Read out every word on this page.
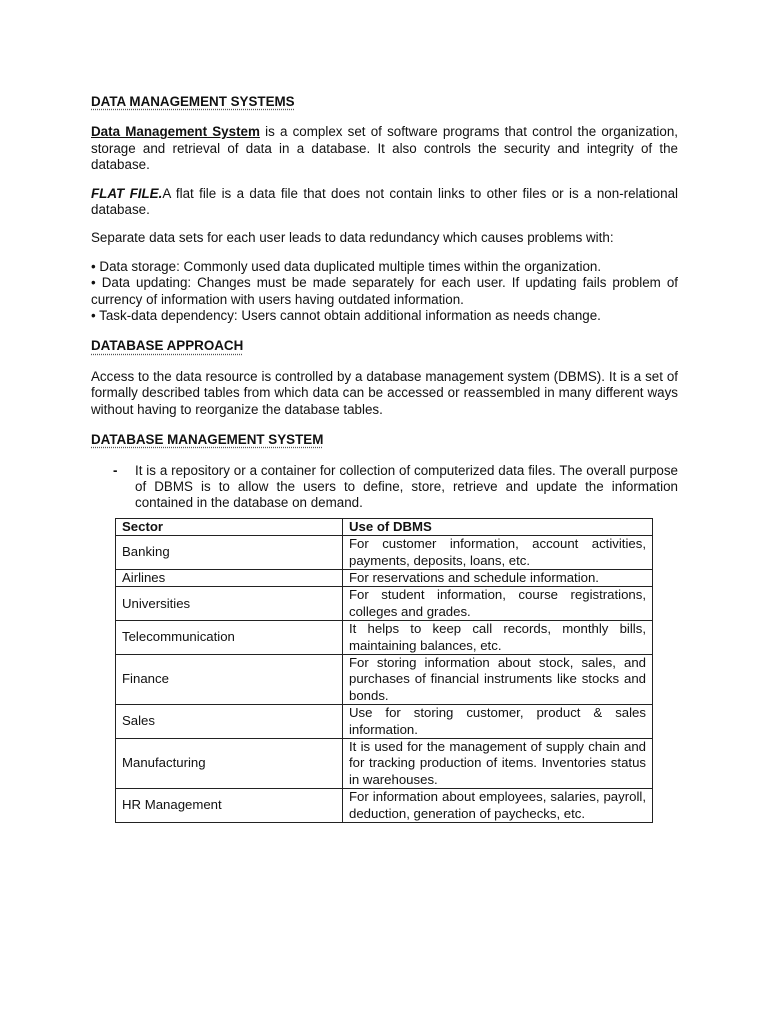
DATA MANAGEMENT SYSTEMS

Data Management System is a complex set of software programs that control the organization, storage and retrieval of data in a database. It also controls the security and integrity of the database.

FLAT FILE.A flat file is a data file that does not contain links to other files or is a non-relational database.

Separate data sets for each user leads to data redundancy which causes problems with:

• Data storage: Commonly used data duplicated multiple times within the organization.

• Data updating: Changes must be made separately for each user. If updating fails problem of currency of information with users having outdated information.

• Task-data dependency: Users cannot obtain additional information as needs change.

DATABASE APPROACH

Access to the data resource is controlled by a database management system (DBMS). It is a set of formally described tables from which data can be accessed or reassembled in many different ways without having to reorganize the database tables.

DATABASE MANAGEMENT SYSTEM

-	It is a repository or a container for collection of computerized data files. The overall purpose of DBMS is to allow the users to define, store, retrieve and update the information contained in the database on demand.
Sector	Use of DBMS
Banking	For customer information, account activities, payments, deposits, loans, etc.
Airlines	For reservations and schedule information.
Universities	For student information, course registrations, colleges and grades.
Telecommunication	It helps to keep call records, monthly bills, maintaining balances, etc.
Finance	For storing information about stock, sales, and purchases of financial instruments like stocks and bonds.
Sales	Use for storing customer, product & sales information.
Manufacturing	It is used for the management of supply chain and for tracking production of items. Inventories status in warehouses.
HR Management	For information about employees, salaries, payroll, deduction, generation of paychecks, etc.
